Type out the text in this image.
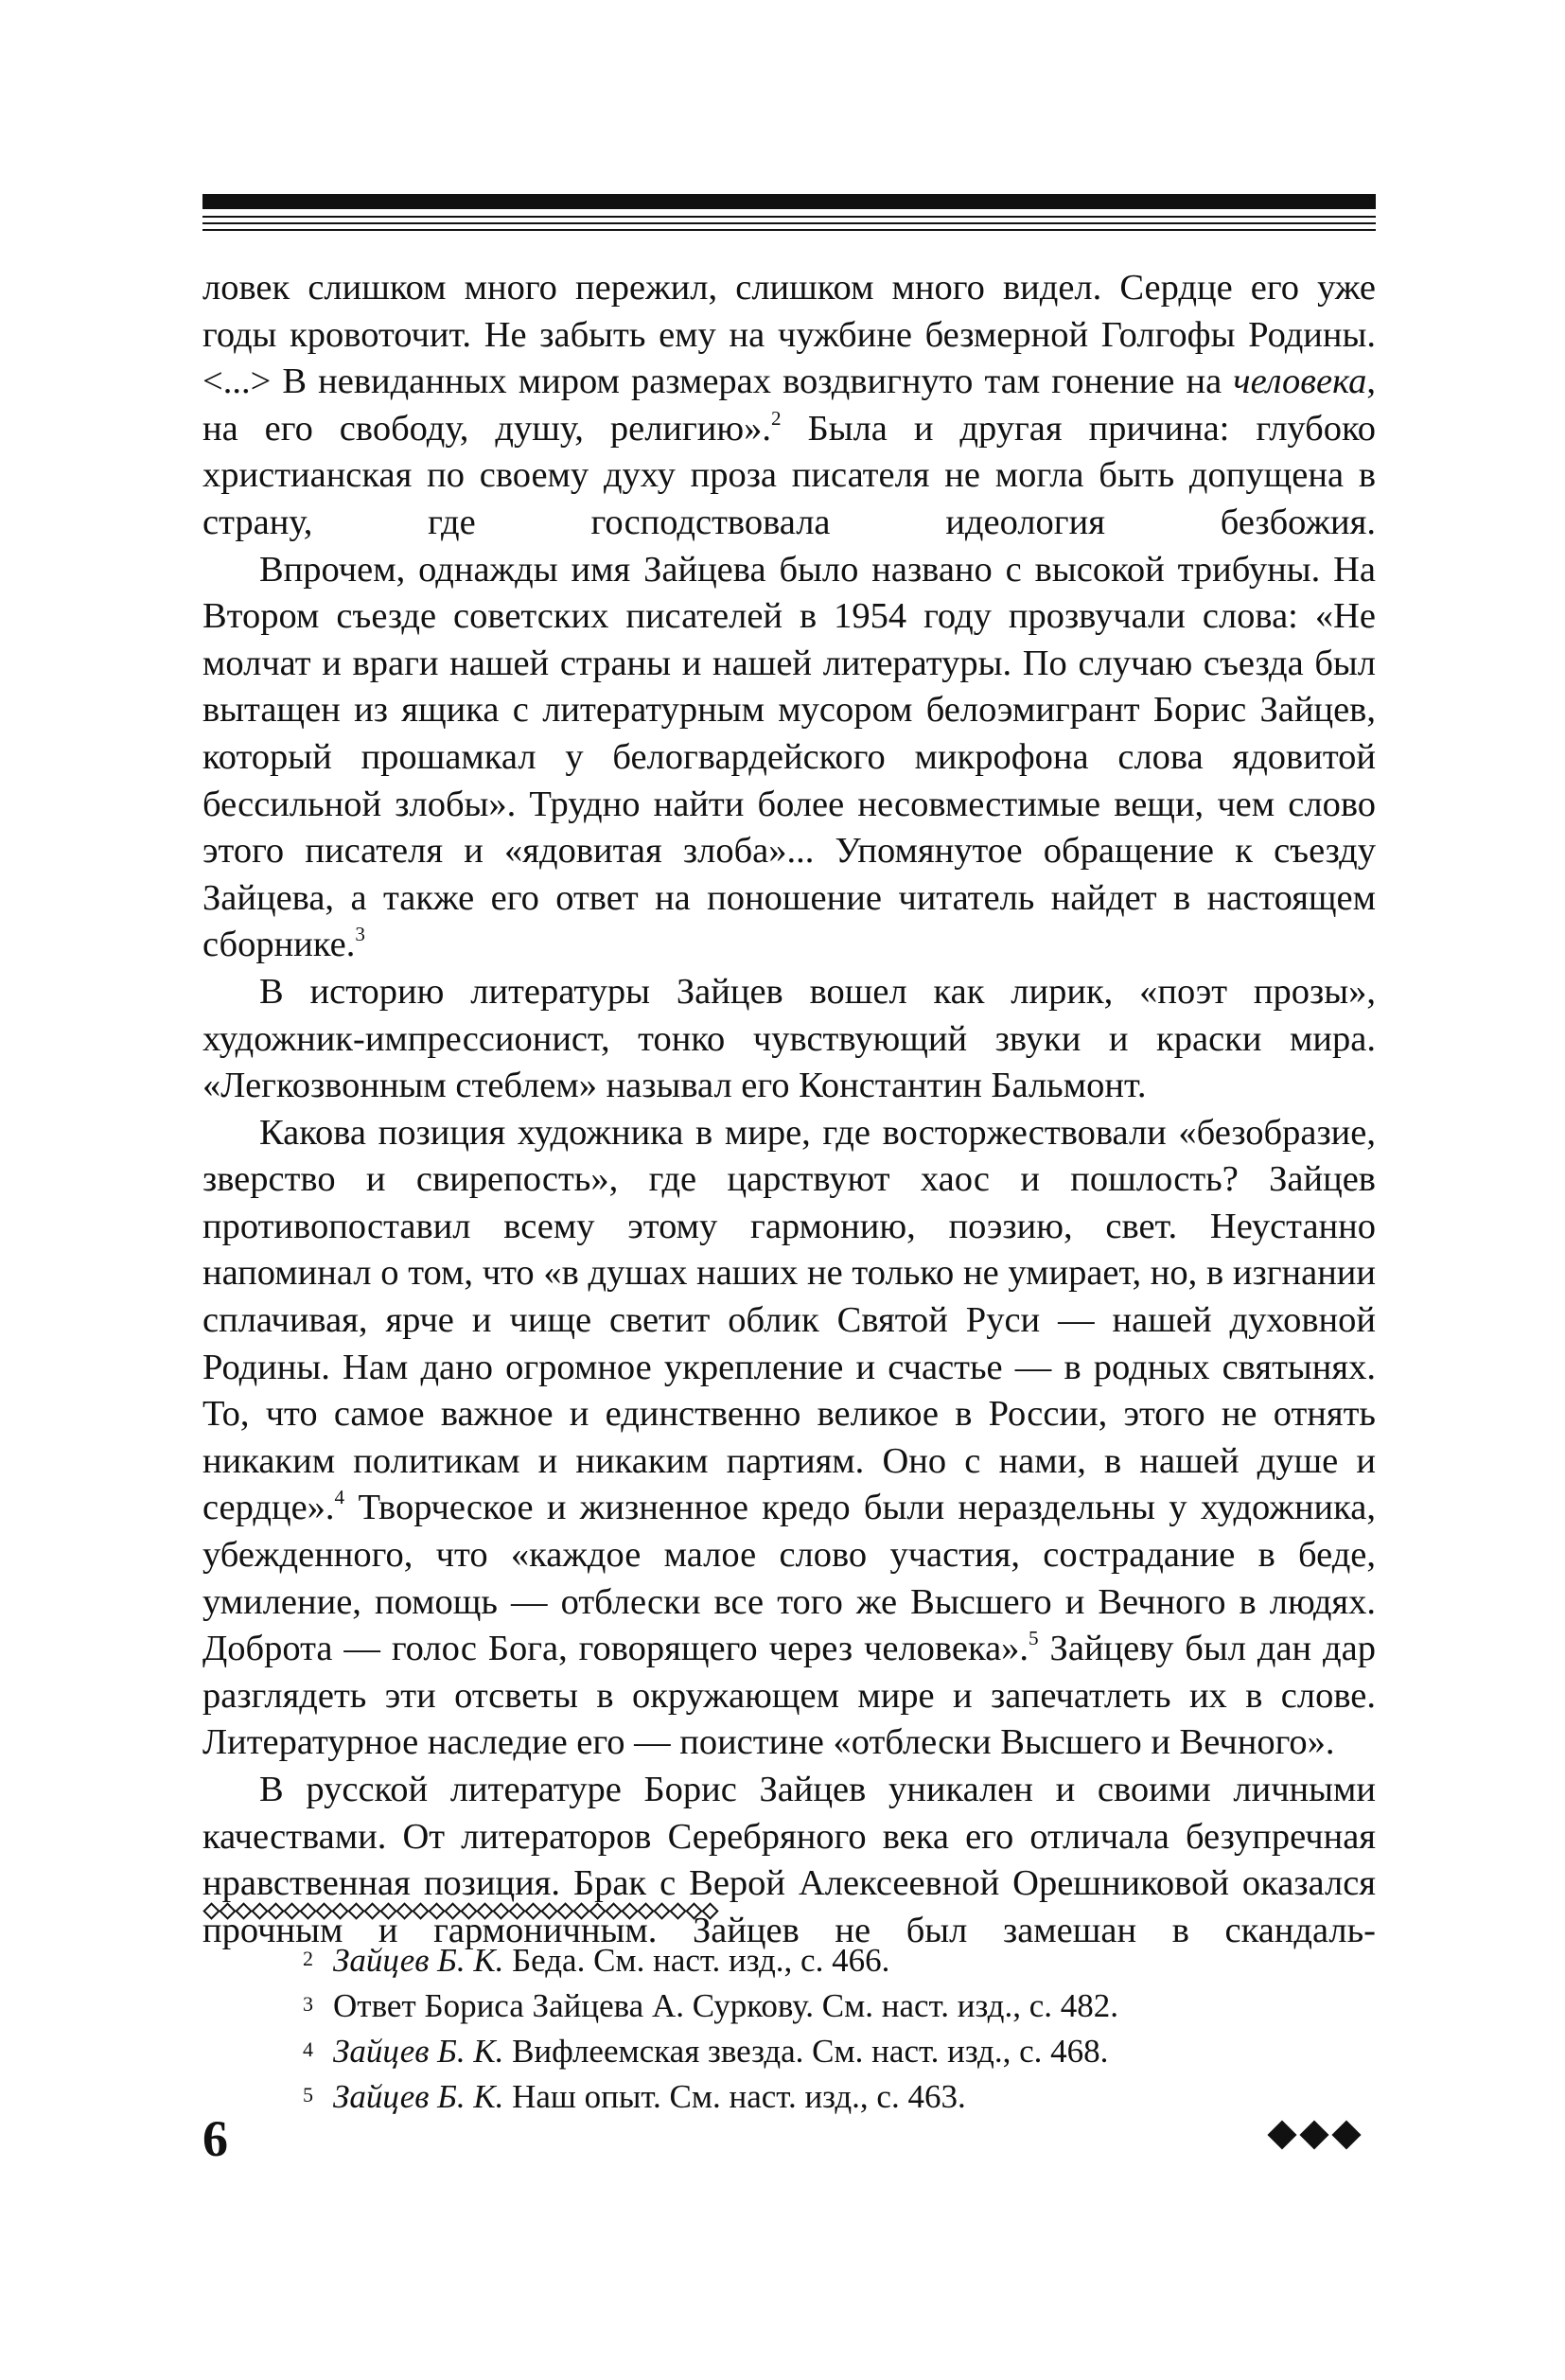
ловек слишком много пережил, слишком много видел. Сердце его уже годы кровоточит. Не забыть ему на чужбине безмерной Голгофы Родины. <...> В невиданных миром размерах воздвигнуто там гонение на человека, на его свободу, душу, религию».$^2$ Была и другая причина: глубоко христианская по своему духу проза писателя не могла быть допущена в страну, где господствовала идеология безбожия.

Впрочем, однажды имя Зайцева было названо с высокой трибуны. На Втором съезде советских писателей в 1954 году прозвучали слова: «Не молчат и враги нашей страны и нашей литературы. По случаю съезда был вытащен из ящика с литературным мусором белоэмигрант Борис Зайцев, который прошамкал у белогвардейского микрофона слова ядовитой бессильной злобы». Трудно найти более несовместимые вещи, чем слово этого писателя и «ядовитая злоба»... Упомянутое обращение к съезду Зайцева, а также его ответ на поношение читатель найдет в настоящем сборнике.$^3$

В историю литературы Зайцев вошел как лирик, «поэт прозы», художник-импрессионист, тонко чувствующий звуки и краски мира. «Легкозвонным стеблем» называл его Константин Бальмонт.

Какова позиция художника в мире, где восторжествовали «безобразие, зверство и свирепость», где царствуют хаос и пошлость? Зайцев противопоставил всему этому гармонию, поэзию, свет. Неустанно напоминал о том, что «в душах наших не только не умирает, но, в изгнании сплачивая, ярче и чище светит облик Святой Руси — нашей духовной Родины. Нам дано огромное укрепление и счастье — в родных святынях. То, что самое важное и единственно великое в России, этого не отнять никаким политикам и никаким партиям. Оно с нами, в нашей душе и сердце».$^4$ Творческое и жизненное кредо были нераздельны у художника, убежденного, что «каждое малое слово участия, сострадание в беде, умиление, помощь — отблески все того же Высшего и Вечного в людях. Доброта — голос Бога, говорящего через человека».$^5$ Зайцеву был дан дар разглядеть эти отсветы в окружающем мире и запечатлеть их в слове. Литературное наследие его — поистине «отблески Высшего и Вечного».

В русской литературе Борис Зайцев уникален и своими личными качествами. От литераторов Серебряного века его отличала безупречная нравственная позиция. Брак с Верой Алексеевной Орешниковой оказался прочным и гармоничным. Зайцев не был замешан в скандаль-

2 Зайцев Б. К. Беда. См. наст. изд., с. 466.
3 Ответ Бориса Зайцева А. Суркову. См. наст. изд., с. 482.
4 Зайцев Б. К. Вифлеемская звезда. См. наст. изд., с. 468.
5 Зайцев Б. К. Наш опыт. См. наст. изд., с. 463.
6
